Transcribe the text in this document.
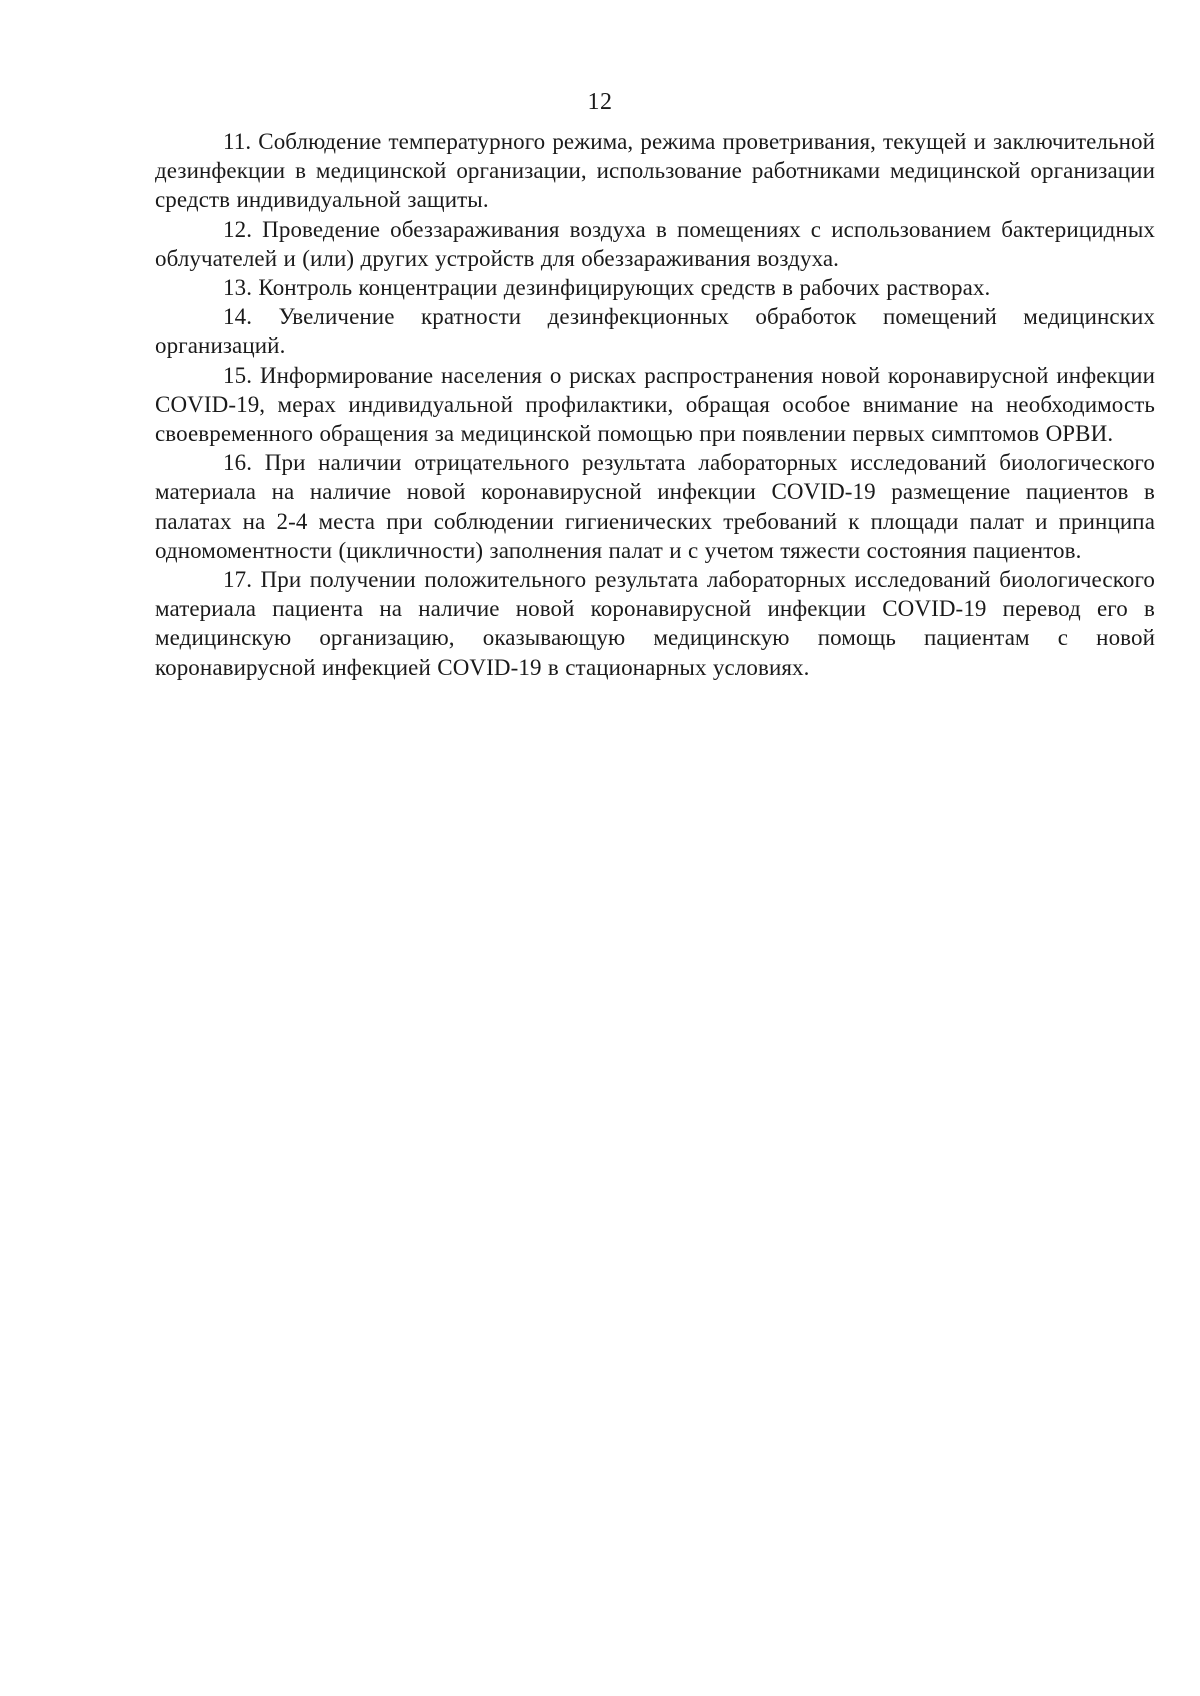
12

11. Соблюдение температурного режима, режима проветривания, текущей и заключительной дезинфекции в медицинской организации, использование работниками медицинской организации средств индивидуальной защиты.

12. Проведение обеззараживания воздуха в помещениях с использованием бактерицидных облучателей и (или) других устройств для обеззараживания воздуха.

13. Контроль концентрации дезинфицирующих средств в рабочих растворах.

14. Увеличение кратности дезинфекционных обработок помещений медицинских организаций.

15. Информирование населения о рисках распространения новой коронавирусной инфекции COVID-19, мерах индивидуальной профилактики, обращая особое внимание на необходимость своевременного обращения за медицинской помощью при появлении первых симптомов ОРВИ.

16. При наличии отрицательного результата лабораторных исследований биологического материала на наличие новой коронавирусной инфекции COVID-19 размещение пациентов в палатах на 2-4 места при соблюдении гигиенических требований к площади палат и принципа одномоментности (цикличности) заполнения палат и с учетом тяжести состояния пациентов.

17. При получении положительного результата лабораторных исследований биологического материала пациента на наличие новой коронавирусной инфекции COVID-19 перевод его в медицинскую организацию, оказывающую медицинскую помощь пациентам с новой коронавирусной инфекцией COVID-19 в стационарных условиях.
